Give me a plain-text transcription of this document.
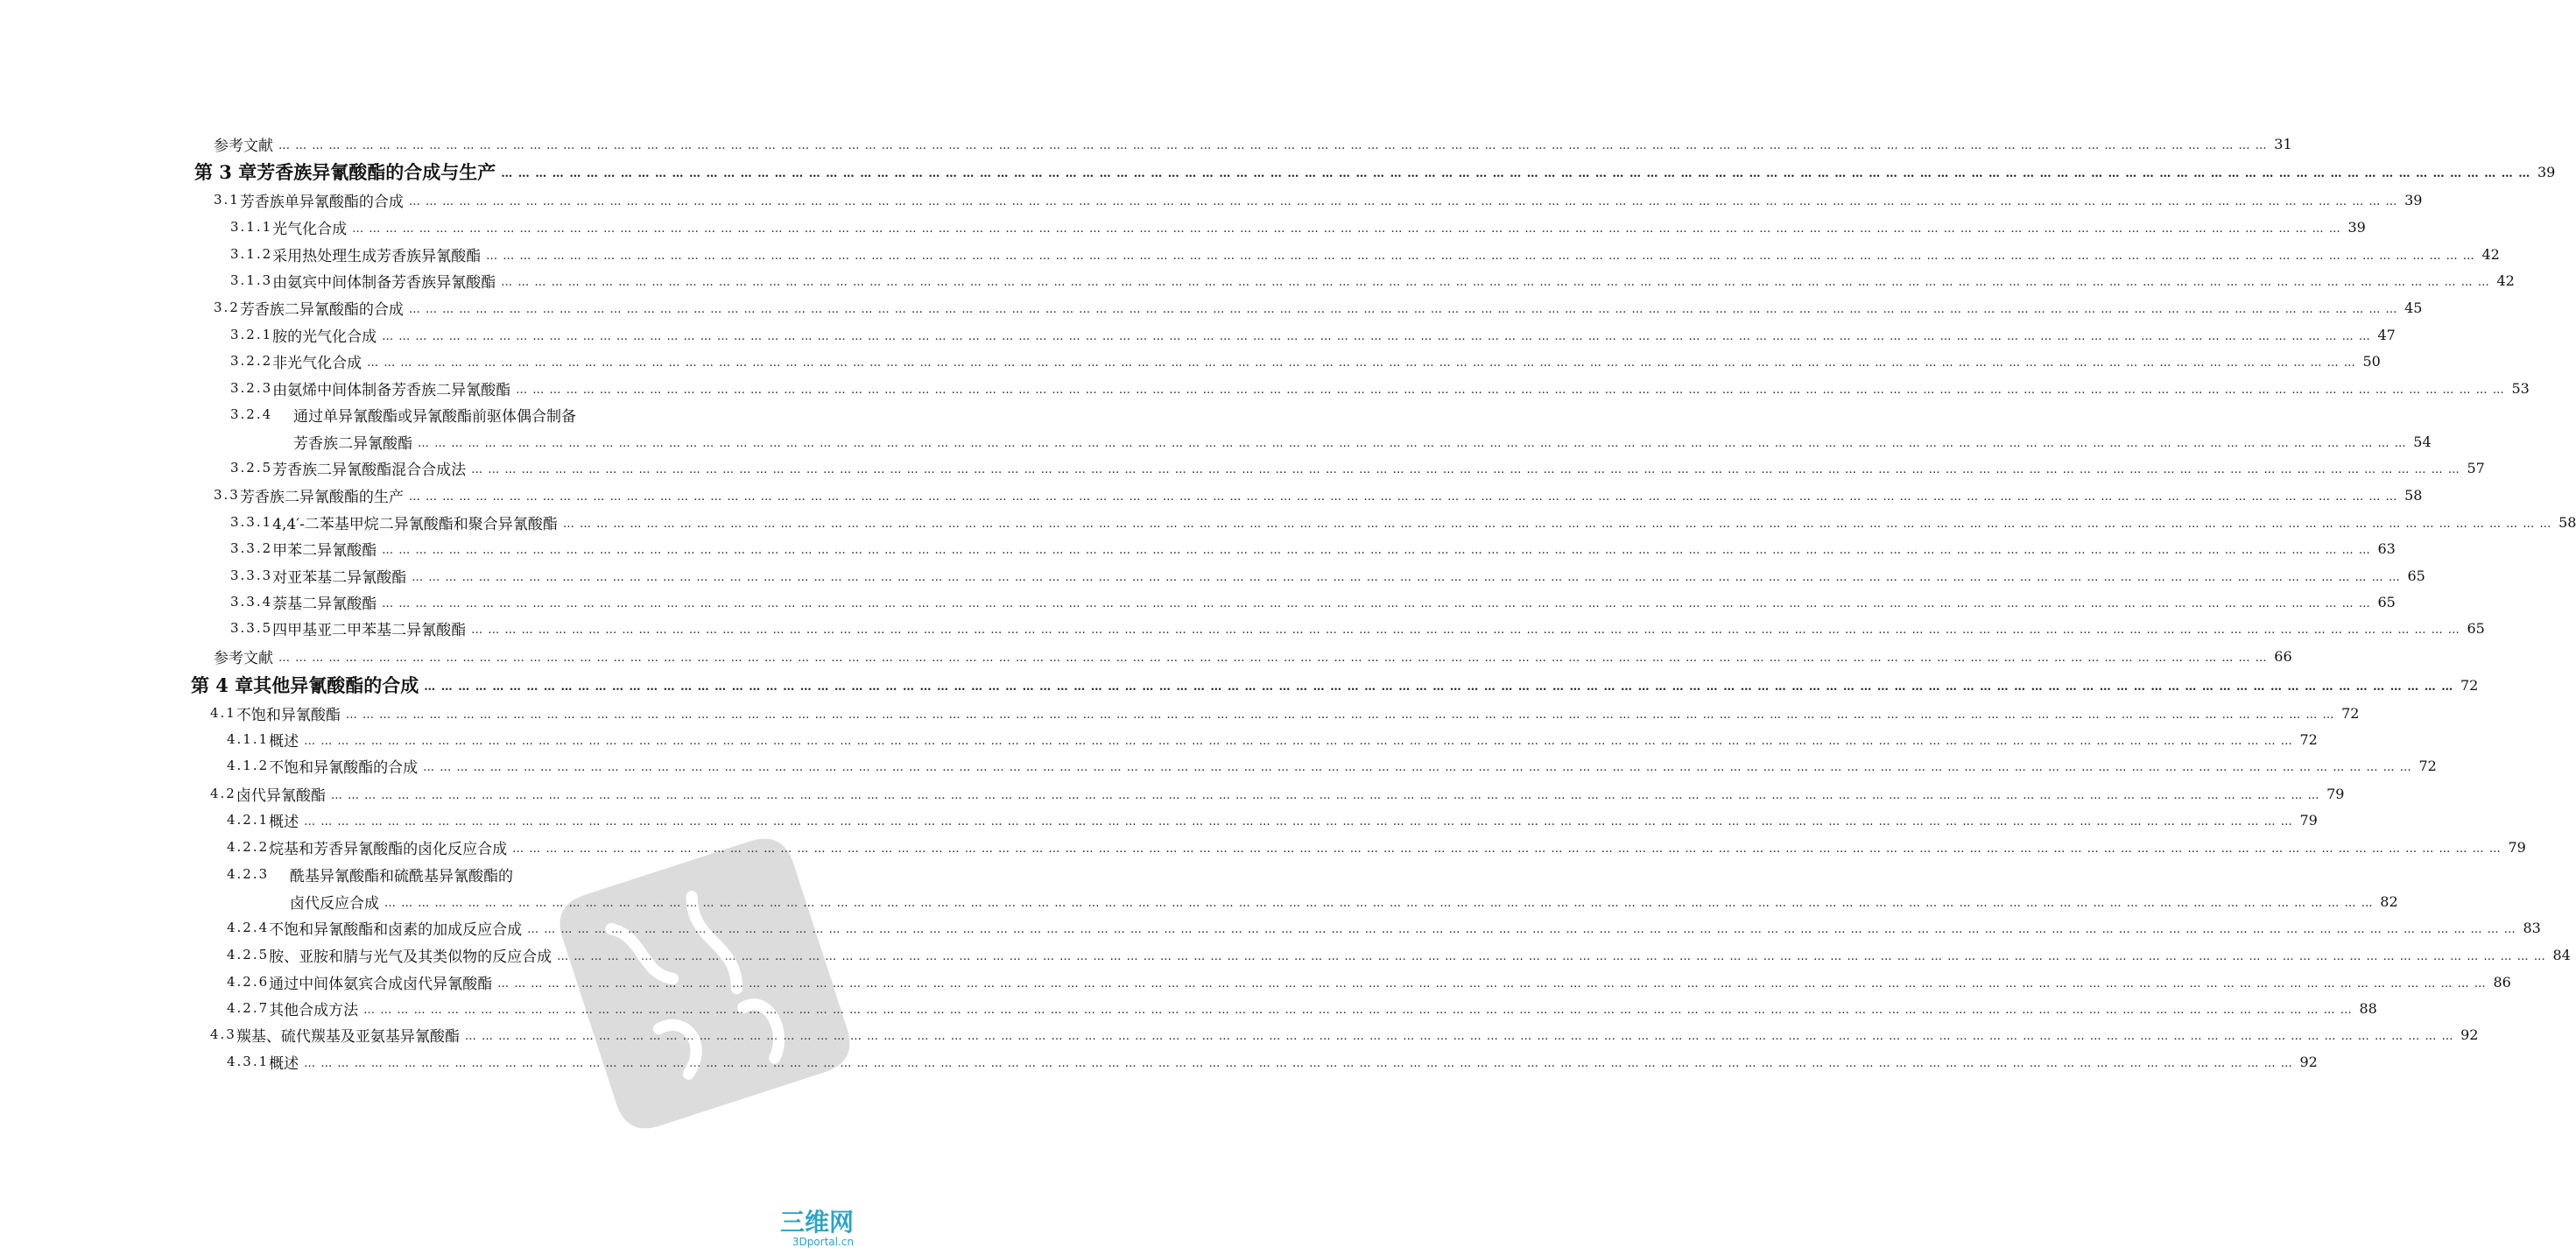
参考文献 … … … … … … … … … … … … … … … … … … … … … … … … … … … … … … … … … … … … … … … … … … … … … … … … … … … … … … … … … … … … … … … … … … … … … … … … … … … … … … … … … … … … … … … … … … … … … … … … … … … … … … … … … … … … … … … … … … … … … … … 31
第 3 章 芳香族异氰酸酯的合成与生产 … … … … … … … … … … … … … … … … … … … … … … … … … … … … … … … … … … … … … … … … … … … … … … … … … … … … … … … … … … … … … … … … … … … … … … … … … … … … … … … … … … … … … … … … … … … … … … … … … … … … … … … … … … … … … … … … … … … … … … … 39
3.1 芳香族单异氰酸酯的合成 … … … … … … … … … … … … … … … … … … … … … … … … … … … … … … … … … … … … … … … … … … … … … … … … … … … … … … … … … … … … … … … … … … … … … … … … … … … … … … … … … … … … … … … … … … … … … … … … … … … … … … … … … … … … … … … … … … … … … … … 39
3.1.1 光气化合成 … … … … … … … … … … … … … … … … … … … … … … … … … … … … … … … … … … … … … … … … … … … … … … … … … … … … … … … … … … … … … … … … … … … … … … … … … … … … … … … … … … … … … … … … … … … … … … … … … … … … … … … … … … … … … … … … … … … … … … … 39
3.1.2 采用热处理生成芳香族异氰酸酯 … … … … … … … … … … … … … … … … … … … … … … … … … … … … … … … … … … … … … … … … … … … … … … … … … … … … … … … … … … … … … … … … … … … … … … … … … … … … … … … … … … … … … … … … … … … … … … … … … … … … … … … … … … … … … … … … … … … … … … … 42
3.1.3 由氨宾中间体制备芳香族异氰酸酯 … … … … … … … … … … … … … … … … … … … … … … … … … … … … … … … … … … … … … … … … … … … … … … … … … … … … … … … … … … … … … … … … … … … … … … … … … … … … … … … … … … … … … … … … … … … … … … … … … … … … … … … … … … … … … … … … … … … … … … … 42
3.2 芳香族二异氰酸酯的合成 … … … … … … … … … … … … … … … … … … … … … … … … … … … … … … … … … … … … … … … … … … … … … … … … … … … … … … … … … … … … … … … … … … … … … … … … … … … … … … … … … … … … … … … … … … … … … … … … … … … … … … … … … … … … … … … … … … … … … … … 45
3.2.1 胺的光气化合成 … … … … … … … … … … … … … … … … … … … … … … … … … … … … … … … … … … … … … … … … … … … … … … … … … … … … … … … … … … … … … … … … … … … … … … … … … … … … … … … … … … … … … … … … … … … … … … … … … … … … … … … … … … … … … … … … … … … … … … … 47
3.2.2 非光气化合成 … … … … … … … … … … … … … … … … … … … … … … … … … … … … … … … … … … … … … … … … … … … … … … … … … … … … … … … … … … … … … … … … … … … … … … … … … … … … … … … … … … … … … … … … … … … … … … … … … … … … … … … … … … … … … … … … … … … … … … … 50
3.2.3 由氨烯中间体制备芳香族二异氰酸酯 … … … … … … … … … … … … … … … … … … … … … … … … … … … … … … … … … … … … … … … … … … … … … … … … … … … … … … … … … … … … … … … … … … … … … … … … … … … … … … … … … … … … … … … … … … … … … … … … … … … … … … … … … … … … … … … … … … … … … … … 53
3.2.4	通过单异氰酸酯或异氰酸酯前驱体偶合制备
芳香族二异氰酸酯 … … … … … … … … … … … … … … … … … … … … … … … … … … … … … … … … … … … … … … … … … … … … … … … … … … … … … … … … … … … … … … … … … … … … … … … … … … … … … … … … … … … … … … … … … … … … … … … … … … … … … … … … … … … … … … … … … … … … … … … 54
3.2.5 芳香族二异氰酸酯混合合成法 … … … … … … … … … … … … … … … … … … … … … … … … … … … … … … … … … … … … … … … … … … … … … … … … … … … … … … … … … … … … … … … … … … … … … … … … … … … … … … … … … … … … … … … … … … … … … … … … … … … … … … … … … … … … … … … … … … … … … … … 57
3.3 芳香族二异氰酸酯的生产 … … … … … … … … … … … … … … … … … … … … … … … … … … … … … … … … … … … … … … … … … … … … … … … … … … … … … … … … … … … … … … … … … … … … … … … … … … … … … … … … … … … … … … … … … … … … … … … … … … … … … … … … … … … … … … … … … … … … … … … 58
3.3.1 4,4′-二苯基甲烷二异氰酸酯和聚合异氰酸酯 … … … … … … … … … … … … … … … … … … … … … … … … … … … … … … … … … … … … … … … … … … … … … … … … … … … … … … … … … … … … … … … … … … … … … … … … … … … … … … … … … … … … … … … … … … … … … … … … … … … … … … … … … … … … … … … … … … … … … … … 58
3.3.2 甲苯二异氰酸酯 … … … … … … … … … … … … … … … … … … … … … … … … … … … … … … … … … … … … … … … … … … … … … … … … … … … … … … … … … … … … … … … … … … … … … … … … … … … … … … … … … … … … … … … … … … … … … … … … … … … … … … … … … … … … … … … … … … … … … … … 63
3.3.3 对亚苯基二异氰酸酯 … … … … … … … … … … … … … … … … … … … … … … … … … … … … … … … … … … … … … … … … … … … … … … … … … … … … … … … … … … … … … … … … … … … … … … … … … … … … … … … … … … … … … … … … … … … … … … … … … … … … … … … … … … … … … … … … … … … … … … … 65
3.3.4 萘基二异氰酸酯 … … … … … … … … … … … … … … … … … … … … … … … … … … … … … … … … … … … … … … … … … … … … … … … … … … … … … … … … … … … … … … … … … … … … … … … … … … … … … … … … … … … … … … … … … … … … … … … … … … … … … … … … … … … … … … … … … … … … … … … 65
3.3.5 四甲基亚二甲苯基二异氰酸酯 … … … … … … … … … … … … … … … … … … … … … … … … … … … … … … … … … … … … … … … … … … … … … … … … … … … … … … … … … … … … … … … … … … … … … … … … … … … … … … … … … … … … … … … … … … … … … … … … … … … … … … … … … … … … … … … … … … … … … … … 65
参考文献 … … … … … … … … … … … … … … … … … … … … … … … … … … … … … … … … … … … … … … … … … … … … … … … … … … … … … … … … … … … … … … … … … … … … … … … … … … … … … … … … … … … … … … … … … … … … … … … … … … … … … … … … … … … … … … … … … … … … … … … 66
第 4 章 其他异氰酸酯的合成 … … … … … … … … … … … … … … … … … … … … … … … … … … … … … … … … … … … … … … … … … … … … … … … … … … … … … … … … … … … … … … … … … … … … … … … … … … … … … … … … … … … … … … … … … … … … … … … … … … … … … … … … … … … … … … … … … … … … … … … 72
4.1 不饱和异氰酸酯 … … … … … … … … … … … … … … … … … … … … … … … … … … … … … … … … … … … … … … … … … … … … … … … … … … … … … … … … … … … … … … … … … … … … … … … … … … … … … … … … … … … … … … … … … … … … … … … … … … … … … … … … … … … … … … … … … … … … … … … 72
4.1.1 概述 … … … … … … … … … … … … … … … … … … … … … … … … … … … … … … … … … … … … … … … … … … … … … … … … … … … … … … … … … … … … … … … … … … … … … … … … … … … … … … … … … … … … … … … … … … … … … … … … … … … … … … … … … … … … … … … … … … … … … … … 72
4.1.2 不饱和异氰酸酯的合成 … … … … … … … … … … … … … … … … … … … … … … … … … … … … … … … … … … … … … … … … … … … … … … … … … … … … … … … … … … … … … … … … … … … … … … … … … … … … … … … … … … … … … … … … … … … … … … … … … … … … … … … … … … … … … … … … … … … … … … … 72
4.2 卤代异氰酸酯 … … … … … … … … … … … … … … … … … … … … … … … … … … … … … … … … … … … … … … … … … … … … … … … … … … … … … … … … … … … … … … … … … … … … … … … … … … … … … … … … … … … … … … … … … … … … … … … … … … … … … … … … … … … … … … … … … … … … … … … 79
4.2.1 概述 … … … … … … … … … … … … … … … … … … … … … … … … … … … … … … … … … … … … … … … … … … … … … … … … … … … … … … … … … … … … … … … … … … … … … … … … … … … … … … … … … … … … … … … … … … … … … … … … … … … … … … … … … … … … … … … … … … … … … … … 79
4.2.2 烷基和芳香异氰酸酯的卤化反应合成 … … … … … … … … … … … … … … … … … … … … … … … … … … … … … … … … … … … … … … … … … … … … … … … … … … … … … … … … … … … … … … … … … … … … … … … … … … … … … … … … … … … … … … … … … … … … … … … … … … … … … … … … … … … … … … … … … … … … … … … 79
4.2.3	酰基异氰酸酯和硫酰基异氰酸酯的
卤代反应合成 … … … … … … … … … … … … … … … … … … … … … … … … … … … … … … … … … … … … … … … … … … … … … … … … … … … … … … … … … … … … … … … … … … … … … … … … … … … … … … … … … … … … … … … … … … … … … … … … … … … … … … … … … … … … … … … … … … … … … … … 82
4.2.4 不饱和异氰酸酯和卤素的加成反应合成 … … … … … … … … … … … … … … … … … … … … … … … … … … … … … … … … … … … … … … … … … … … … … … … … … … … … … … … … … … … … … … … … … … … … … … … … … … … … … … … … … … … … … … … … … … … … … … … … … … … … … … … … … … … … … … … … … … … … … … … 83
4.2.5 胺、亚胺和腈与光气及其类似物的反应合成 … … … … … … … … … … … … … … … … … … … … … … … … … … … … … … … … … … … … … … … … … … … … … … … … … … … … … … … … … … … … … … … … … … … … … … … … … … … … … … … … … … … … … … … … … … … … … … … … … … … … … … … … … … … … … … … … … … … … … … … 84
4.2.6 通过中间体氨宾合成卤代异氰酸酯 … … … … … … … … … … … … … … … … … … … … … … … … … … … … … … … … … … … … … … … … … … … … … … … … … … … … … … … … … … … … … … … … … … … … … … … … … … … … … … … … … … … … … … … … … … … … … … … … … … … … … … … … … … … … … … … … … … … … … … … 86
4.2.7 其他合成方法 … … … … … … … … … … … … … … … … … … … … … … … … … … … … … … … … … … … … … … … … … … … … … … … … … … … … … … … … … … … … … … … … … … … … … … … … … … … … … … … … … … … … … … … … … … … … … … … … … … … … … … … … … … … … … … … … … … … … … … … 88
4.3 羰基、硫代羰基及亚氨基异氰酸酯 … … … … … … … … … … … … … … … … … … … … … … … … … … … … … … … … … … … … … … … … … … … … … … … … … … … … … … … … … … … … … … … … … … … … … … … … … … … … … … … … … … … … … … … … … … … … … … … … … … … … … … … … … … … … … … … … … … … … … … … 92
4.3.1 概述 … … … … … … … … … … … … … … … … … … … … … … … … … … … … … … … … … … … … … … … … … … … … … … … … … … … … … … … … … … … … … … … … … … … … … … … … … … … … … … … … … … … … … … … … … … … … … … … … … … … … … … … … … … … … … … … … … … … … … … … 92
三维网
3Dportal.cn
